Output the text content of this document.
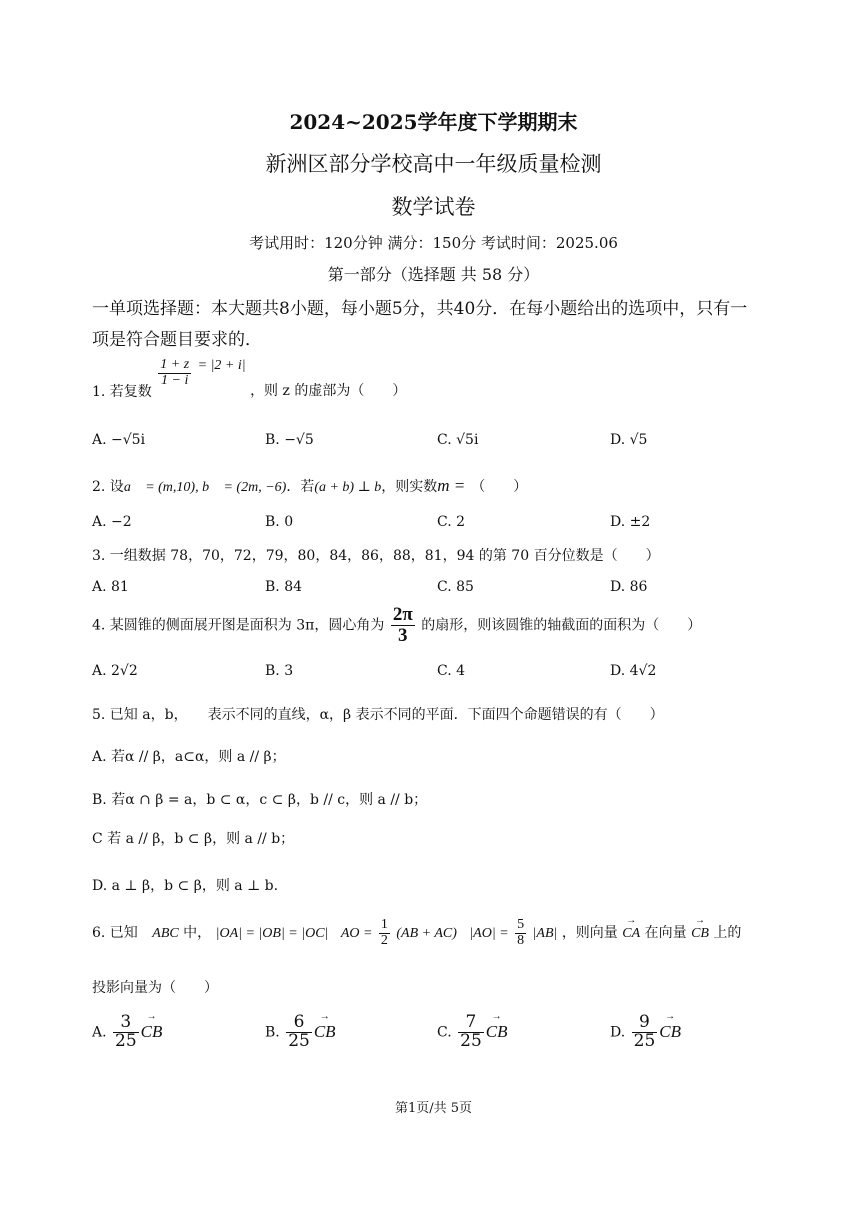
2024~2025学年度下学期期末
新洲区部分学校高中一年级质量检测
数学试卷
考试用时：120分钟 满分：150分 考试时间：2025.06
第一部分（选择题 共 58 分）
一单项选择题：本大题共8小题，每小题5分，共40分．在每小题给出的选项中，只有一
项是符合题目要求的．
1. 若复数
$\frac{1 + z}{1 - i} = |2 + i|$ ，则 z 的虚部为（　　）
A. −√5i	B. −√5	C. √5i	D. √5
2. 设a⃗ = (m,10), b⃗ = (2m, −6)．若(a + b) ⊥ b，则实数m = （　　）
A. −2	B. 0	C. 2	D. ±2
3. 一组数据 78，70，72，79，80，84，86，88，81，94 的第 70 百分位数是（　　）
A. 81	B. 84	C. 85	D. 86
4. 某圆锥的侧面展开图是面积为 3π，圆心角为 $\frac{2\pi}{3}$ 的扇形，则该圆锥的轴截面的面积为（　　）
A. 2√2	B. 3	C. 4	D. 4√2
5. 已知 a，b， 表示不同的直线，α，β 表示不同的平面．下面四个命题错误的有（　　）
A. 若α // β，a⊂α，则 a // β；
B. 若α ∩ β = a，b ⊂ α，c ⊂ β，b // c，则 a // b；
C 若 a // β，b ⊂ β，则 a // b；
D. a ⊥ β，b ⊂ β，则 a ⊥ b.
6. 已知 ABC 中， |OA| = |OB| = |OC| AO = $\frac{1}{2} (AB + AC) |AO| = \frac{5}{8} |AB|$ ，则向量 → CA 在向量 → CB 上的
投影向量为（　　）
A. $\frac{3}{25}$ → CB	B. $\frac{6}{25}$ → CB	C. $\frac{7}{25}$ → CB	D. $\frac{9}{25}$ → CB
第1页/共 5页
